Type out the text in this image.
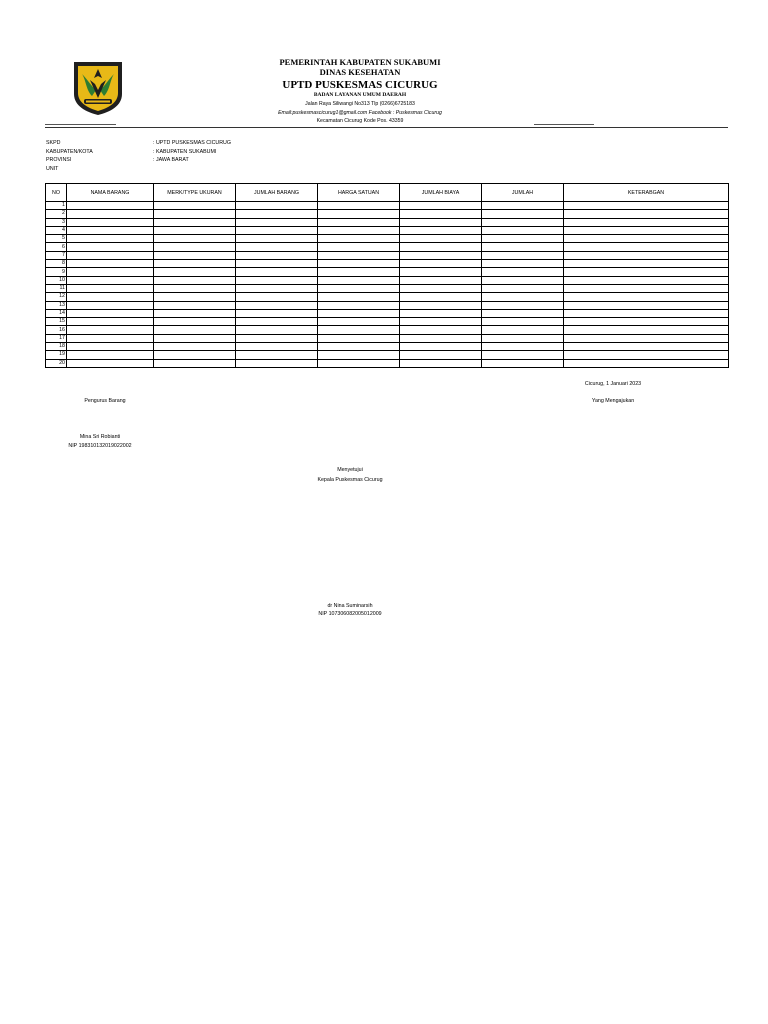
PEMERINTAH KABUPATEN SUKABUMI
DINAS KESEHATAN
UPTD PUSKESMAS CICURUG
BADAN LAYANAN UMUM DAERAH
Jalan Raya Siliwangi No313 Tlp (0266)6725183
Email:puskesmascicurug1@gmail.com Facebook : Puskesmas Cicurug
Kecamatan Cicurug Kode Pos. 43359
SKPD	: UPTD PUSKESMAS CICURUG
KABUPATEN/KOTA	: KABUPATEN SUKABUMI
PROVINSI	: JAWA BARAT
UNIT
NO	NAMA BARANG	MERK/TYPE UKURAN	JUMLAH BARANG	HARGA SATUAN	JUMLAH BIAYA	JUMLAH	KETERABGAN
1							
2							
3							
4							
5							
6							
7							
8							
9							
10							
11							
12							
13							
14							
15							
16							
17							
18							
19							
20							
Cicurug, 1 Januari 2023
Pengurus Barang	Yang Mengajukan
Mina Sri Robianti
NIP 198310132019022002
Menyetujui
Kepala Puskesmas Cicurug
dr Nina Suminarsih
NIP 107306082005012009
